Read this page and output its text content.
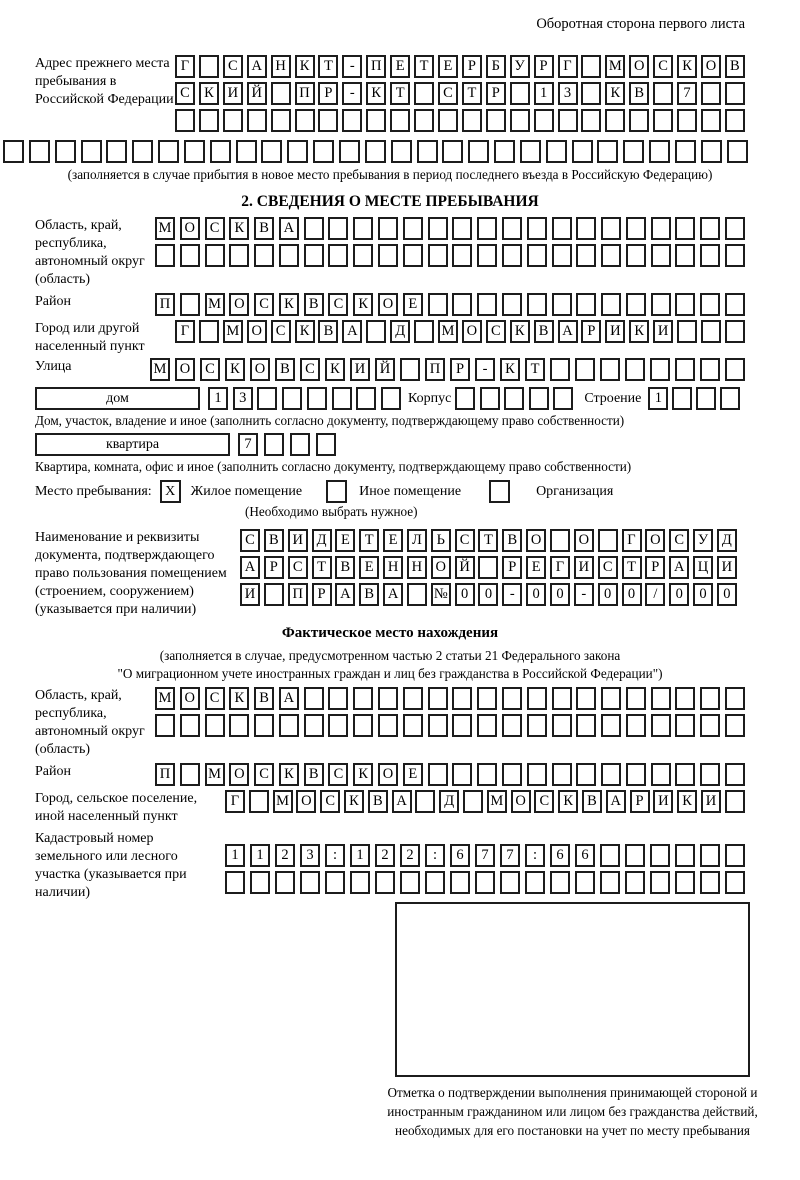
Оборотная сторона первого листа
Адрес прежнего места пребывания в Российской Федерации
Г	С А Н К	Т	-	П Е	Т	Е	Р	Б	У	Р	Г	М О С К О В
С К И Й	П	Р	-	К	Т	С	Т	Р	1	3	К В	7
(заполняется в случае прибытия в новое место пребывания в период последнего въезда в Российскую Федерацию)
2. СВЕДЕНИЯ О МЕСТЕ ПРЕБЫВАНИЯ
Область, край, республика, автономный округ (область)
М О	С	К	В	А
Район	П	М О	С	К	В	С	К	О	Е
Город или другой населенный пункт
Г	М О С К В А	Д	М О С К В А	Р	И К И
Улица	М О	С	К	О	В	С	К	И	Й	П	Р	-	К	Т
дом	1	3	Корпус	Строение 1
Дом, участок, владение и иное (заполнить согласно документу, подтверждающему право собственности)
квартира	7
Квартира, комната, офис и иное (заполнить согласно документу, подтверждающему право собственности)
Место пребывания: X	Жилое помещение	Иное помещение	Организация
(Необходимо выбрать нужное)
Наименование и реквизиты документа, подтверждающего право пользования помещением (строением, сооружением) (указывается при наличии)
С В И Д Е	Т	Е	Л	Ь	С	Т	В О	О	Г О С У Д
А	Р	С	Т	В	Е Н Н О Й	Р	Е	Г И С	Т	Р	А Ц И
И	П	Р	А В А	№ 0	0	-	0	0	-	0	0	/	0	0	0
Фактическое место нахождения
(заполняется в случае, предусмотренном частью 2 статьи 21 Федерального закона
"О миграционном учете иностранных граждан и лиц без гражданства в Российской Федерации")
Область, край, республика, автономный округ (область)
М О	С	К	В	А
Район	П	М О	С	К	В	С	К	О	Е
Город, сельское поселение, иной населенный пункт
Г	М О С К В А	Д	М О С К В А	Р	И К И
Кадастровый номер земельного или лесного участка (указывается при наличии)
1	1	2	3	:	1	2	2	:	6	7	7	:	6	6
Отметка о подтверждении выполнения принимающей стороной и иностранным гражданином или лицом без гражданства действий, необходимых для его постановки на учет по месту пребывания
